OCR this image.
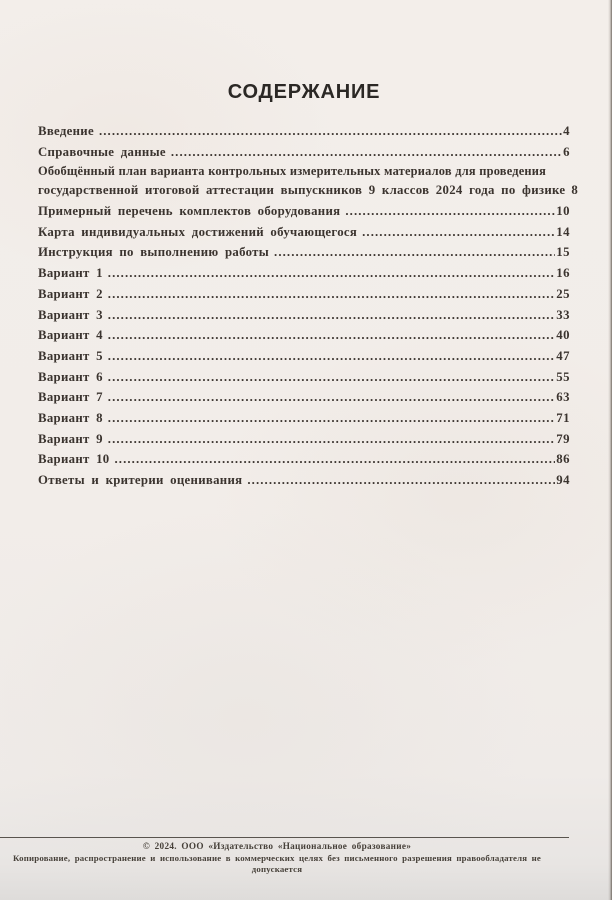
СОДЕРЖАНИЕ
Введение .....	4
Справочные данные .....	6
Обобщённый план варианта контрольных измерительных материалов для проведения
государственной итоговой аттестации выпускников 9 классов 2024 года по физике 8
Примерный перечень комплектов оборудования .....	10
Карта индивидуальных достижений обучающегося .....	14
Инструкция по выполнению работы .....	15
Вариант 1 .....	16
Вариант 2 .....	25
Вариант 3 .....	33
Вариант 4 .....	40
Вариант 5 .....	47
Вариант 6 .....	55
Вариант 7 .....	63
Вариант 8 .....	71
Вариант 9 .....	79
Вариант 10 .....	86
Ответы и критерии оценивания .....	94
© 2024. ООО «Издательство «Национальное образование»
Копирование, распространение и использование в коммерческих целях без письменного разрешения правообладателя не допускается
